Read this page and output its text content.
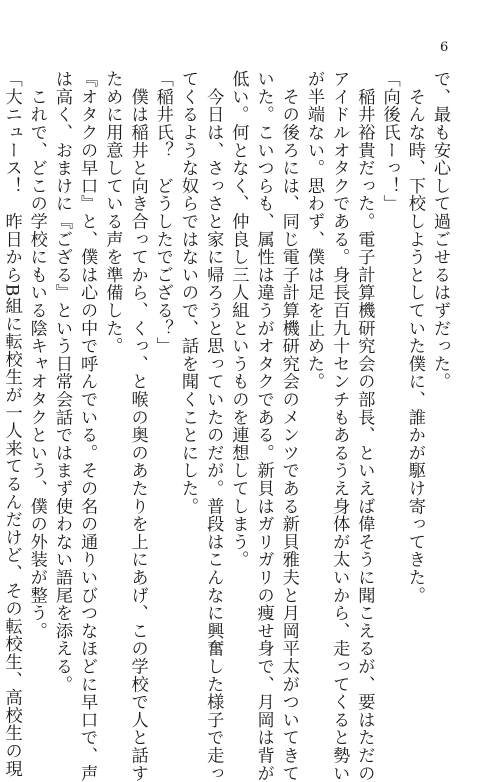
6
で、最も安心して過ごせるはずだった。
　そんな時、下校しようとしていた僕に、誰かが駆け寄ってきた。
「向後氏ーっ！」
　稲井裕貴だった。電子計算機研究会の部長、といえば偉そうに聞こえるが、要はただの
アイドルオタクである。身長百九十センチもあるうえ身体が太いから、走ってくると勢い
が半端ない。思わず、僕は足を止めた。
　その後ろには、同じ電子計算機研究会のメンツである新貝雅夫と月岡平太がついてきて
いた。こいつらも、属性は違うがオタクである。新貝はガリガリの痩せ身で、月岡は背が
低い。何となく、仲良し三人組というものを連想してしまう。
　今日は、さっさと家に帰ろうと思っていたのだが。普段はこんなに興奮した様子で走っ
てくるような奴らではないので、話を聞くことにした。
「稲井氏？　どうしたでござる？」
　僕は稲井と向き合ってから、くっ、と喉の奥のあたりを上にあげ、この学校で人と話す
ために用意している声を準備した。
『オタクの早口』と、僕は心の中で呼んでいる。その名の通りいびつなほどに早口で、声
は高く、おまけに『ござる』という日常会話ではまず使わない語尾を添える。
　これで、どこの学校にもいる陰キャオタクという、僕の外装が整う。
「大ニュース！　昨日からB組に転校生が一人来てるんだけど、その転校生、高校生の現
